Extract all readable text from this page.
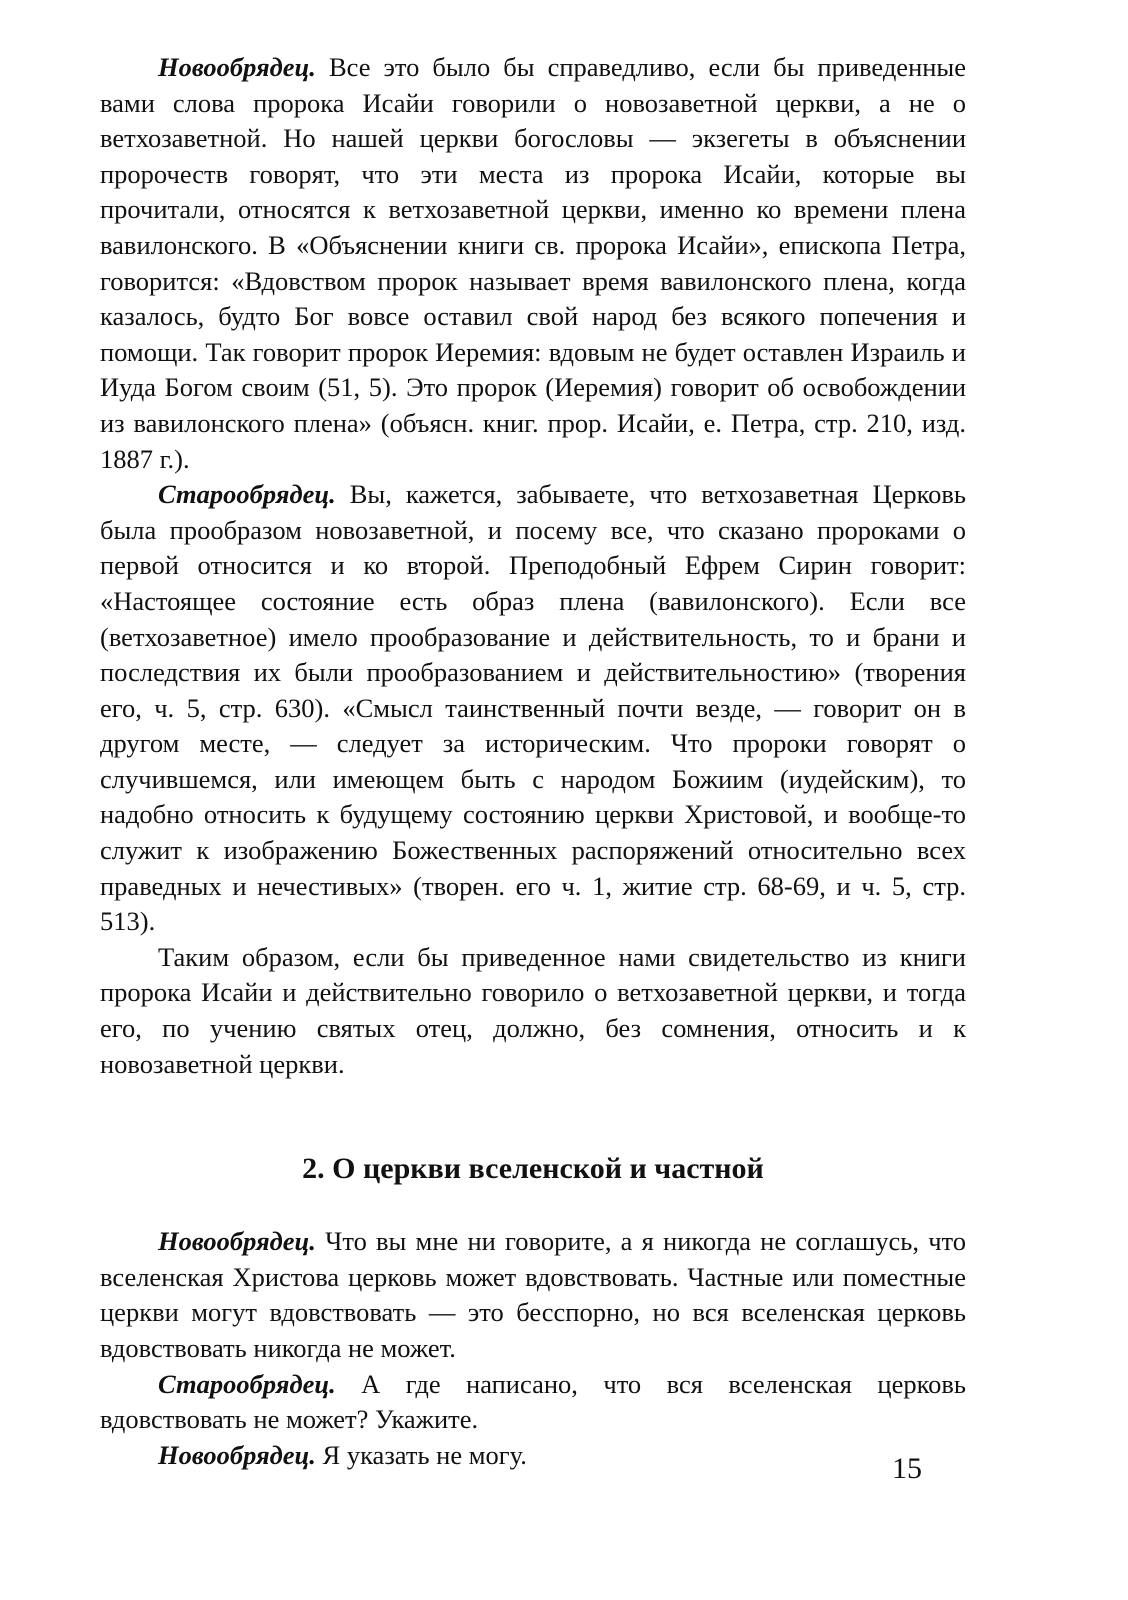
Новообрядец. Все это было бы справедливо, если бы приведенные вами слова пророка Исайи говорили о новозаветной церкви, а не о ветхозаветной. Но нашей церкви богословы — экзегеты в объяснении пророчеств говорят, что эти места из пророка Исайи, которые вы прочитали, относятся к ветхозаветной церкви, именно ко времени плена вавилонского. В «Объяснении книги св. пророка Исайи», епископа Петра, говорится: «Вдовством пророк называет время вавилонского плена, когда казалось, будто Бог вовсе оставил свой народ без всякого попечения и помощи. Так говорит пророк Иеремия: вдовым не будет оставлен Израиль и Иуда Богом своим (51, 5). Это пророк (Иеремия) говорит об освобождении из вавилонского плена» (объясн. книг. прор. Исайи, е. Петра, стр. 210, изд. 1887 г.).

Старообрядец. Вы, кажется, забываете, что ветхозаветная Церковь была прообразом новозаветной, и посему все, что сказано пророками о первой относится и ко второй. Преподобный Ефрем Сирин говорит: «Настоящее состояние есть образ плена (вавилонского). Если все (ветхозаветное) имело прообразование и действительность, то и брани и последствия их были прообразованием и действительностию» (творения его, ч. 5, стр. 630). «Смысл таинственный почти везде, — говорит он в другом месте, — следует за историческим. Что пророки говорят о случившемся, или имеющем быть с народом Божиим (иудейским), то надобно относить к будущему состоянию церкви Христовой, и вообще-то служит к изображению Божественных распоряжений относительно всех праведных и нечестивых» (творен. его ч. 1, житие стр. 68-69, и ч. 5, стр. 513).

Таким образом, если бы приведенное нами свидетельство из книги пророка Исайи и действительно говорило о ветхозаветной церкви, и тогда его, по учению святых отец, должно, без сомнения, относить и к новозаветной церкви.

2. О церкви вселенской и частной

Новообрядец. Что вы мне ни говорите, а я никогда не соглашусь, что вселенская Христова церковь может вдовствовать. Частные или поместные церкви могут вдовствовать — это бесспорно, но вся вселенская церковь вдовствовать никогда не может.

Старообрядец. А где написано, что вся вселенская церковь вдовствовать не может? Укажите.

Новообрядец. Я указать не могу.	15
